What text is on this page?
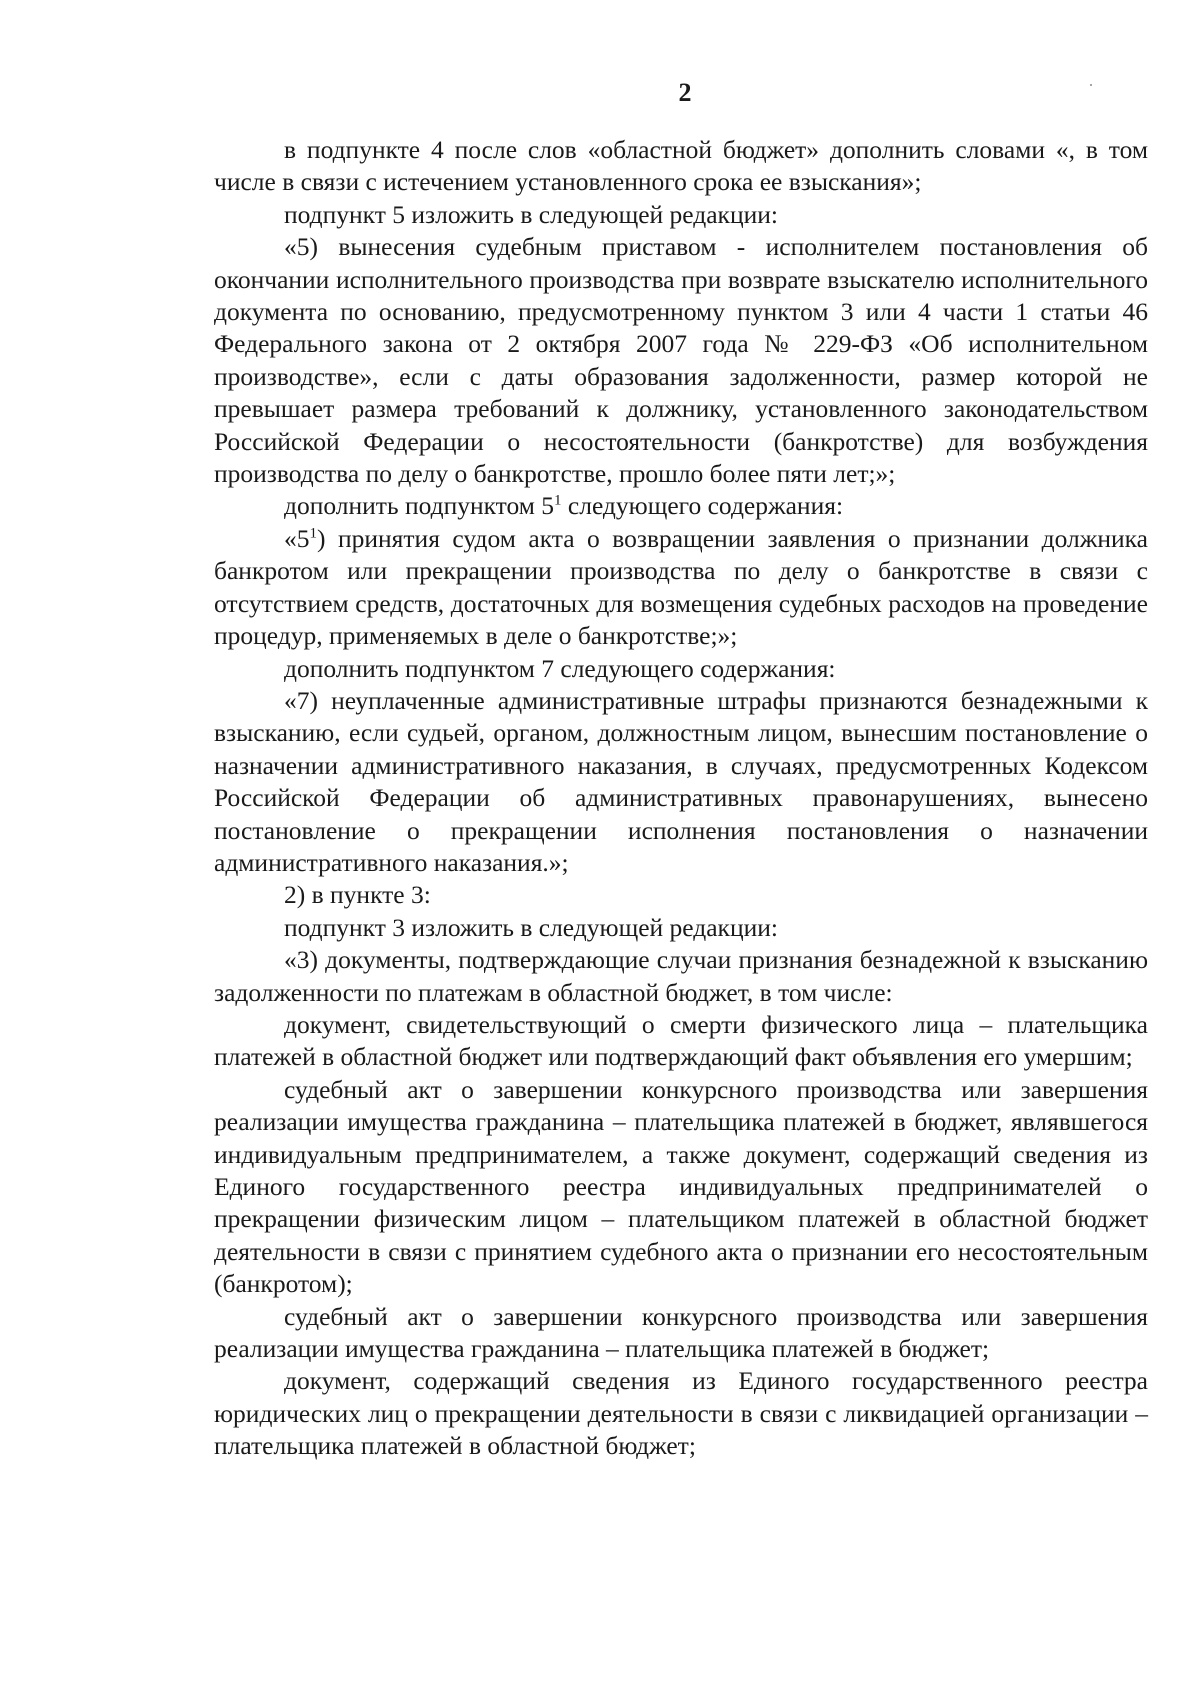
2

в подпункте 4 после слов «областной бюджет» дополнить словами «, в том числе в связи с истечением установленного срока ее взыскания»;

подпункт 5 изложить в следующей редакции:

«5) вынесения судебным приставом - исполнителем постановления об окончании исполнительного производства при возврате взыскателю исполнительного документа по основанию, предусмотренному пунктом 3 или 4 части 1 статьи 46 Федерального закона от 2 октября 2007 года № 229-ФЗ «Об исполнительном производстве», если с даты образования задолженности, размер которой не превышает размера требований к должнику, установленного законодательством Российской Федерации о несостоятельности (банкротстве) для возбуждения производства по делу о банкротстве, прошло более пяти лет;»;

дополнить подпунктом $5^1$ следующего содержания:

«$5^1$) принятия судом акта о возвращении заявления о признании должника банкротом или прекращении производства по делу о банкротстве в связи с отсутствием средств, достаточных для возмещения судебных расходов на проведение процедур, применяемых в деле о банкротстве;»;

дополнить подпунктом 7 следующего содержания:

«7) неуплаченные административные штрафы признаются безнадежными к взысканию, если судьей, органом, должностным лицом, вынесшим постановление о назначении административного наказания, в случаях, предусмотренных Кодексом Российской Федерации об административных правонарушениях, вынесено постановление о прекращении исполнения постановления о назначении административного наказания.»;

2) в пункте 3:

подпункт 3 изложить в следующей редакции:

«3) документы, подтверждающие случаи признания безнадежной к взысканию задолженности по платежам в областной бюджет, в том числе:

документ, свидетельствующий о смерти физического лица – плательщика платежей в областной бюджет или подтверждающий факт объявления его умершим;

судебный акт о завершении конкурсного производства или завершения реализации имущества гражданина – плательщика платежей в бюджет, являвшегося индивидуальным предпринимателем, а также документ, содержащий сведения из Единого государственного реестра индивидуальных предпринимателей о прекращении физическим лицом – плательщиком платежей в областной бюджет деятельности в связи с принятием судебного акта о признании его несостоятельным (банкротом);

судебный акт о завершении конкурсного производства или завершения реализации имущества гражданина – плательщика платежей в бюджет;

документ, содержащий сведения из Единого государственного реестра юридических лиц о прекращении деятельности в связи с ликвидацией организации – плательщика платежей в областной бюджет;
